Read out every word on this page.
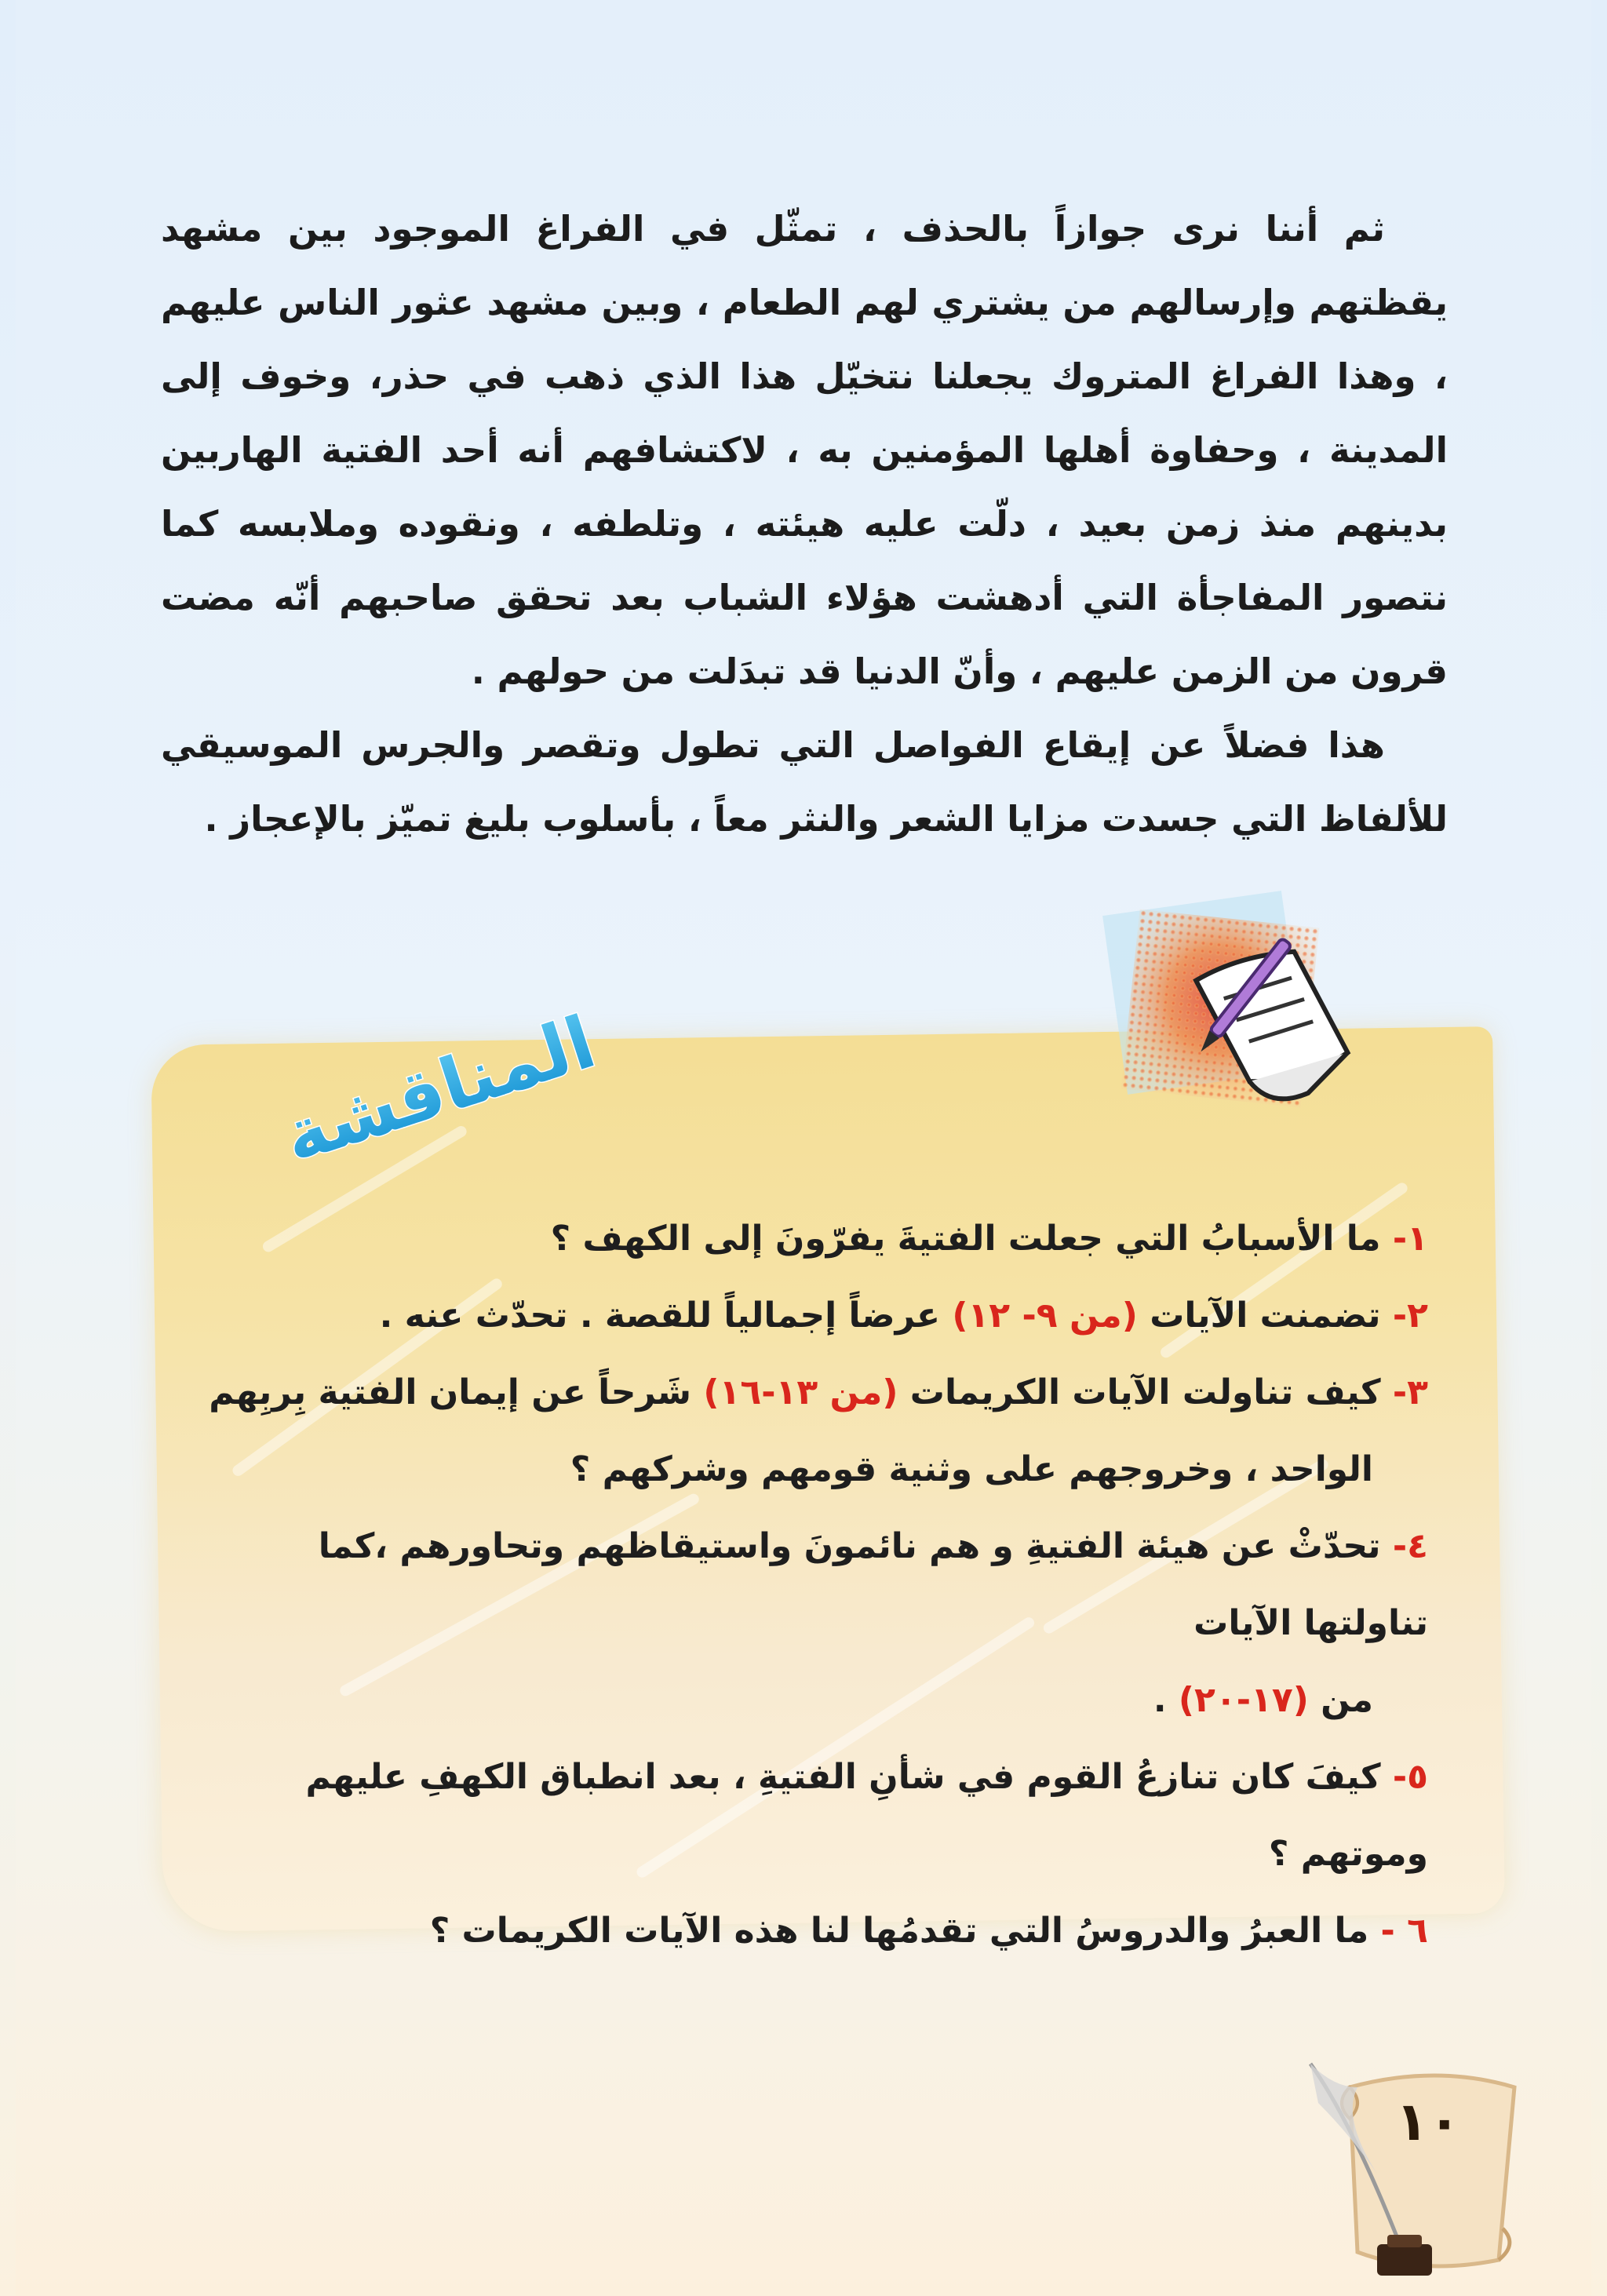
ثم أننا نرى جوازاً بالحذف ، تمثّل في الفراغ الموجود بين مشهد يقظتهم وإرسالهم من يشتري لهم الطعام ، وبين مشهد عثور الناس عليهم ، وهذا الفراغ المتروك يجعلنا نتخيّل هذا الذي ذهب في حذر، وخوف إلى المدينة ، وحفاوة أهلها المؤمنين به ، لاكتشافهم أنه أحد الفتية الهاربين بدينهم منذ زمن بعيد ، دلّت عليه هيئته ، وتلطفه ، ونقوده وملابسه كما نتصور المفاجأة التي أدهشت هؤلاء الشباب بعد تحقق صاحبهم أنّه مضت قرون من الزمن عليهم ، وأنّ الدنيا قد تبدَلت من حولهم .

هذا فضلاً عن إيقاع الفواصل التي تطول وتقصر والجرس الموسيقي للألفاظ التي جسدت مزايا الشعر والنثر معاً ، بأسلوب بليغ تميّز بالإعجاز .

المناقشة
١- ما الأسبابُ التي جعلت الفتيةَ يفرّونَ إلى الكهف ؟
٢- تضمنت الآيات (من ٩- ١٢) عرضاً إجمالياً للقصة . تحدّث عنه .
٣- كيف تناولت الآيات الكريمات (من ١٣-١٦) شَرحاً عن إيمان الفتية بِربِهم
الواحد ، وخروجهم على وثنية قومهم وشركهم ؟
٤- تحدّثْ عن هيئة الفتيةِ و هم نائمونَ واستيقاظهم وتحاورهم ،كما تناولتها الآيات
من (١٧-٢٠) .
٥- كيفَ كان تنازعُ القوم في شأنِ الفتيةِ ، بعد انطباق الكهفِ عليهم وموتهم ؟
٦ - ما العبرُ والدروسُ التي تقدمُها لنا هذه الآيات الكريمات ؟
١٠
